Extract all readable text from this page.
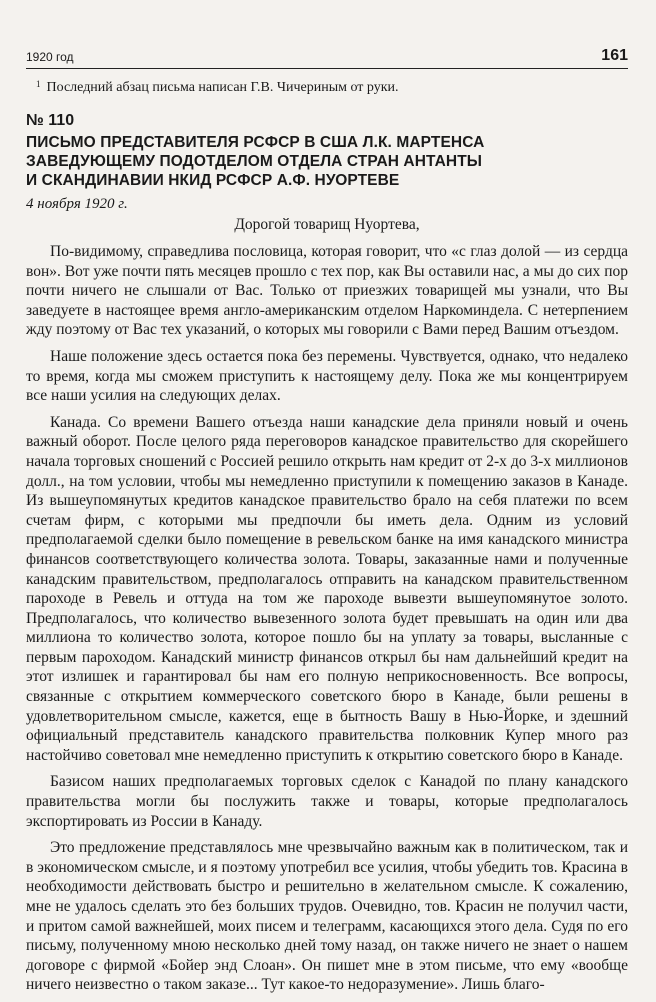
1920 год	161
$^1$ Последний абзац письма написан Г.В. Чичериным от руки.
№ 110
ПИСЬМО ПРЕДСТАВИТЕЛЯ РСФСР В США Л.К. МАРТЕНСА
ЗАВЕДУЮЩЕМУ ПОДОТДЕЛОМ ОТДЕЛА СТРАН АНТАНТЫ
И СКАНДИНАВИИ НКИД РСФСР А.Ф. НУОРТЕВЕ
4 ноября 1920 г.
Дорогой товарищ Нуортева,

По-видимому, справедлива пословица, которая говорит, что «с глаз долой — из сердца вон». Вот уже почти пять месяцев прошло с тех пор, как Вы оставили нас, а мы до сих пор почти ничего не слышали от Вас. Только от приезжих товарищей мы узнали, что Вы заведуете в настоящее время англо-американским отделом Наркоминдела. С нетерпением жду поэтому от Вас тех указаний, о которых мы говорили с Вами перед Вашим отъездом.

Наше положение здесь остается пока без перемены. Чувствуется, однако, что недалеко то время, когда мы сможем приступить к настоящему делу. Пока же мы концентрируем все наши усилия на следующих делах.

Канада. Со времени Вашего отъезда наши канадские дела приняли новый и очень важный оборот. После целого ряда переговоров канадское правительство для скорейшего начала торговых сношений с Россией решило открыть нам кредит от 2-х до 3-х миллионов долл., на том условии, чтобы мы немедленно приступили к помещению заказов в Канаде. Из вышеупомянутых кредитов канадское правительство брало на себя платежи по всем счетам фирм, с которыми мы предпочли бы иметь дела. Одним из условий предполагаемой сделки было помещение в ревельском банке на имя канадского министра финансов соответствующего количества золота. Товары, заказанные нами и полученные канадским правительством, предполагалось отправить на канадском правительственном пароходе в Ревель и оттуда на том же пароходе вывезти вышеупомянутое золото. Предполагалось, что количество вывезенного золота будет превышать на один или два миллиона то количество золота, которое пошло бы на уплату за товары, высланные с первым пароходом. Канадский министр финансов открыл бы нам дальнейший кредит на этот излишек и гарантировал бы нам его полную неприкосновенность. Все вопросы, связанные с открытием коммерческого советского бюро в Канаде, были решены в удовлетворительном смысле, кажется, еще в бытность Вашу в Нью-Йорке, и здешний официальный представитель канадского правительства полковник Купер много раз настойчиво советовал мне немедленно приступить к открытию советского бюро в Канаде.

Базисом наших предполагаемых торговых сделок с Канадой по плану канадского правительства могли бы послужить также и товары, которые предполагалось экспортировать из России в Канаду.

Это предложение представлялось мне чрезвычайно важным как в политическом, так и в экономическом смысле, и я поэтому употребил все усилия, чтобы убедить тов. Красина в необходимости действовать быстро и решительно в желательном смысле. К сожалению, мне не удалось сделать это без больших трудов. Очевидно, тов. Красин не получил части, и притом самой важнейшей, моих писем и телеграмм, касающихся этого дела. Судя по его письму, полученному мною несколько дней тому назад, он также ничего не знает о нашем договоре с фирмой «Бойер энд Слоан». Он пишет мне в этом письме, что ему «вообще ничего неизвестно о таком заказе... Тут какое-то недоразумение». Лишь благо-
